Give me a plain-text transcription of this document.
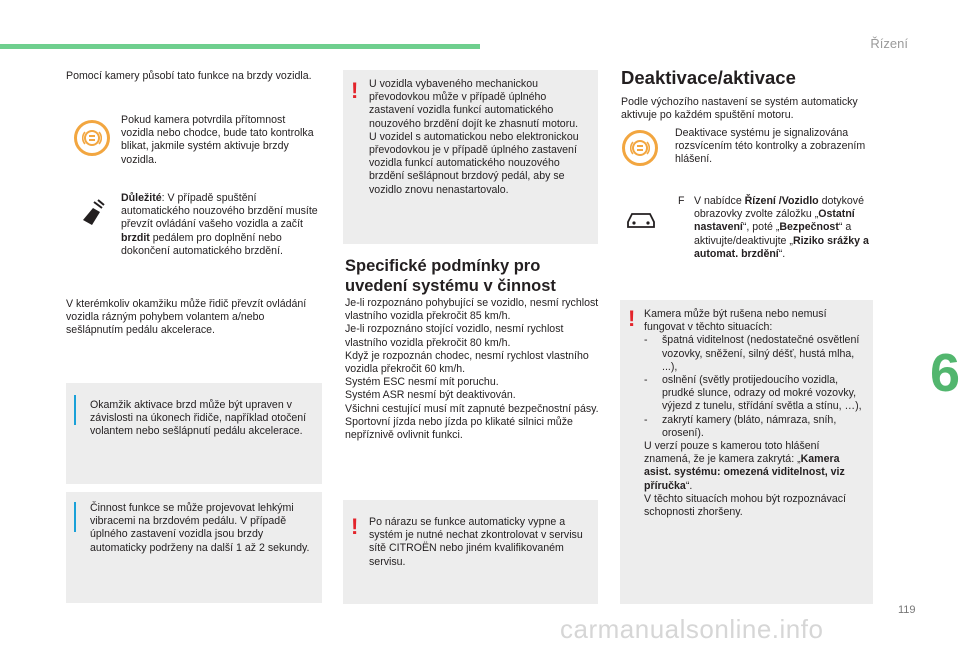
Řízení
6
119
carmanualsonline.info
Pomocí kamery působí tato funkce na brzdy vozidla.
Pokud kamera potvrdila přítomnost vozidla nebo chodce, bude tato kontrolka blikat, jakmile systém aktivuje brzdy vozidla.
Důležité: V případě spuštění automatického nouzového brzdění musíte převzít ovládání vašeho vozidla a začít brzdit pedálem pro doplnění nebo dokončení automatického brzdění.
V kterémkoliv okamžiku může řidič převzít ovládání vozidla rázným pohybem volantem a/nebo sešlápnutím pedálu akcelerace.
Okamžik aktivace brzd může být upraven v závislosti na úkonech řidiče, například otočení volantem nebo sešlápnutí pedálu akcelerace.
Činnost funkce se může projevovat lehkými vibracemi na brzdovém pedálu. V případě úplného zastavení vozidla jsou brzdy automaticky podrženy na další 1 až 2 sekundy.
! U vozidla vybaveného mechanickou převodovkou může v případě úplného zastavení vozidla funkcí automatického nouzového brzdění dojít ke zhasnutí motoru.
U vozidel s automatickou nebo elektronickou převodovkou je v případě úplného zastavení vozidla funkcí automatického nouzového brzdění sešlápnout brzdový pedál, aby se vozidlo znovu nenastartovalo.
Specifické podmínky pro uvedení systému v činnost
Je-li rozpoznáno pohybující se vozidlo, nesmí rychlost vlastního vozidla překročit 85 km/h.
Je-li rozpoznáno stojící vozidlo, nesmí rychlost vlastního vozidla překročit 80 km/h.
Když je rozpoznán chodec, nesmí rychlost vlastního vozidla překročit 60 km/h.
Systém ESC nesmí mít poruchu.
Systém ASR nesmí být deaktivován.
Všichni cestující musí mít zapnuté bezpečnostní pásy.
Sportovní jízda nebo jízda po klikaté silnici může nepříznivě ovlivnit funkci.
! Po nárazu se funkce automaticky vypne a systém je nutné nechat zkontrolovat v servisu sítě CITROËN nebo jiném kvalifikovaném servisu.
Deaktivace/aktivace
Podle výchozího nastavení se systém automaticky aktivuje po každém spuštění motoru.
Deaktivace systému je signalizována rozsvícením této kontrolky a zobrazením hlášení.
F V nabídce Řízení /Vozidlo dotykové obrazovky zvolte záložku „Ostatní nastavení“, poté „Bezpečnost“ a aktivujte/deaktivujte „Riziko srážky a automat. brzdění“.
! Kamera může být rušena nebo nemusí fungovat v těchto situacích:
-	špatná viditelnost (nedostatečné osvětlení vozovky, sněžení, silný déšť, hustá mlha, ...),
-	oslnění (světly protijedoucího vozidla, prudké slunce, odrazy od mokré vozovky, výjezd z tunelu, střídání světla a stínu, …),
-	zakrytí kamery (bláto, námraza, sníh, orosení).
U verzí pouze s kamerou toto hlášení znamená, že je kamera zakrytá: „Kamera asist. systému: omezená viditelnost, viz příručka“.
V těchto situacích mohou být rozpoznávací schopnosti zhoršeny.
